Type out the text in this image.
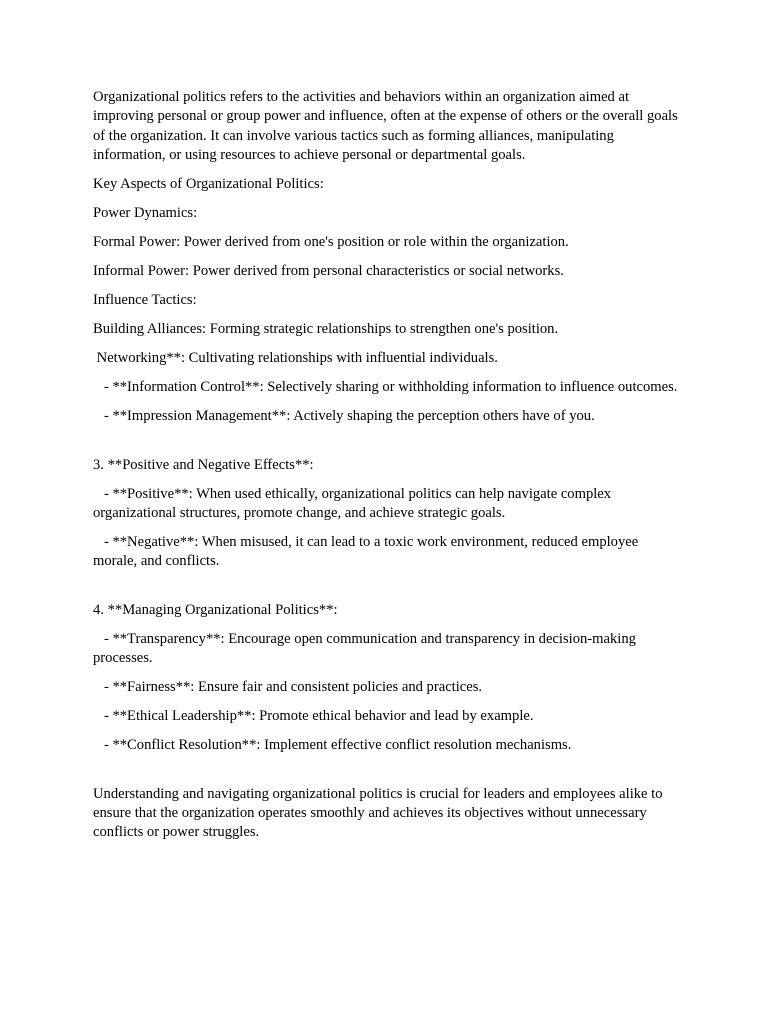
Organizational politics refers to the activities and behaviors within an organization aimed at improving personal or group power and influence, often at the expense of others or the overall goals of the organization. It can involve various tactics such as forming alliances, manipulating information, or using resources to achieve personal or departmental goals.

Key Aspects of Organizational Politics:

Power Dynamics:

Formal Power: Power derived from one's position or role within the organization.

Informal Power: Power derived from personal characteristics or social networks.

Influence Tactics:

Building Alliances: Forming strategic relationships to strengthen one's position.

Networking**: Cultivating relationships with influential individuals.

- **Information Control**: Selectively sharing or withholding information to influence outcomes.

- **Impression Management**: Actively shaping the perception others have of you.

3. **Positive and Negative Effects**:

- **Positive**: When used ethically, organizational politics can help navigate complex organizational structures, promote change, and achieve strategic goals.

- **Negative**: When misused, it can lead to a toxic work environment, reduced employee morale, and conflicts.

4. **Managing Organizational Politics**:

- **Transparency**: Encourage open communication and transparency in decision-making processes.

- **Fairness**: Ensure fair and consistent policies and practices.

- **Ethical Leadership**: Promote ethical behavior and lead by example.

- **Conflict Resolution**: Implement effective conflict resolution mechanisms.

Understanding and navigating organizational politics is crucial for leaders and employees alike to ensure that the organization operates smoothly and achieves its objectives without unnecessary conflicts or power struggles.
